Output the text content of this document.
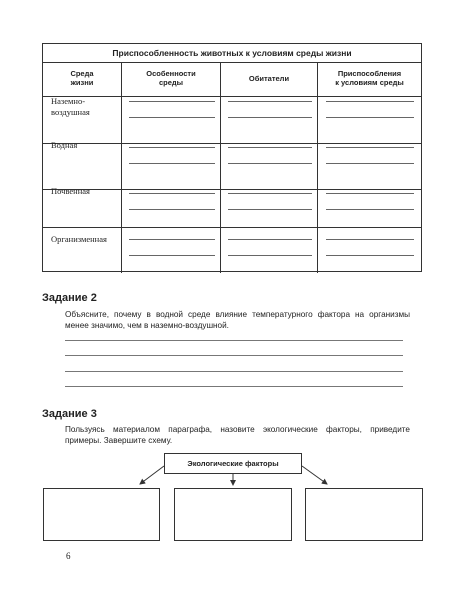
Приспособленность животных к условиям среды жизни
Среда
жизни
Особенности
среды	Обитатели	Приспособления
к условиям среды
Наземно-
воздушная
Водная
Почвенная
Организменная
Задание 2
Объясните, почему в водной среде влияние температурного фактора на организмы менее значимо, чем в наземно-воздушной.
Задание 3
Пользуясь материалом параграфа, назовите экологические факторы, приведите примеры. Завершите схему.
Экологические факторы
6
